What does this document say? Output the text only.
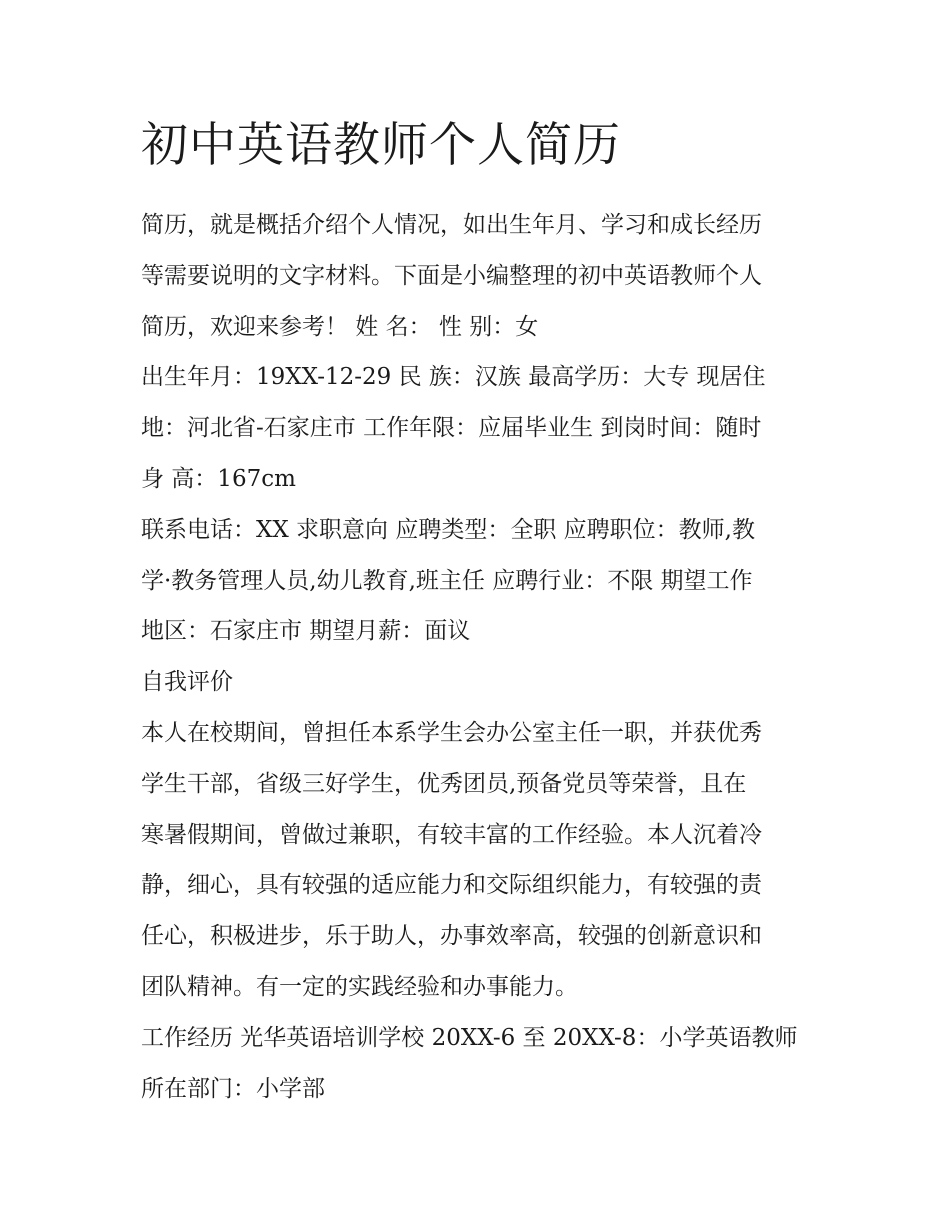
初中英语教师个人简历

简历，就是概括介绍个人情况，如出生年月、学习和成长经历

等需要说明的文字材料。下面是小编整理的初中英语教师个人

简历，欢迎来参考！ 姓 名： 性 别：女

出生年月：19XX-12-29 民 族：汉族 最高学历：大专 现居住

地：河北省-石家庄市 工作年限：应届毕业生 到岗时间：随时

身 高：167cm

联系电话：XX 求职意向 应聘类型：全职 应聘职位：教师,教

学·教务管理人员,幼儿教育,班主任 应聘行业：不限 期望工作

地区：石家庄市 期望月薪：面议

自我评价

本人在校期间，曾担任本系学生会办公室主任一职，并获优秀

学生干部，省级三好学生，优秀团员,预备党员等荣誉，且在

寒暑假期间，曾做过兼职，有较丰富的工作经验。本人沉着冷

静，细心，具有较强的适应能力和交际组织能力，有较强的责

任心，积极进步，乐于助人，办事效率高，较强的创新意识和

团队精神。有一定的实践经验和办事能力。

工作经历 光华英语培训学校 20XX-6 至 20XX-8：小学英语教师

所在部门：小学部
